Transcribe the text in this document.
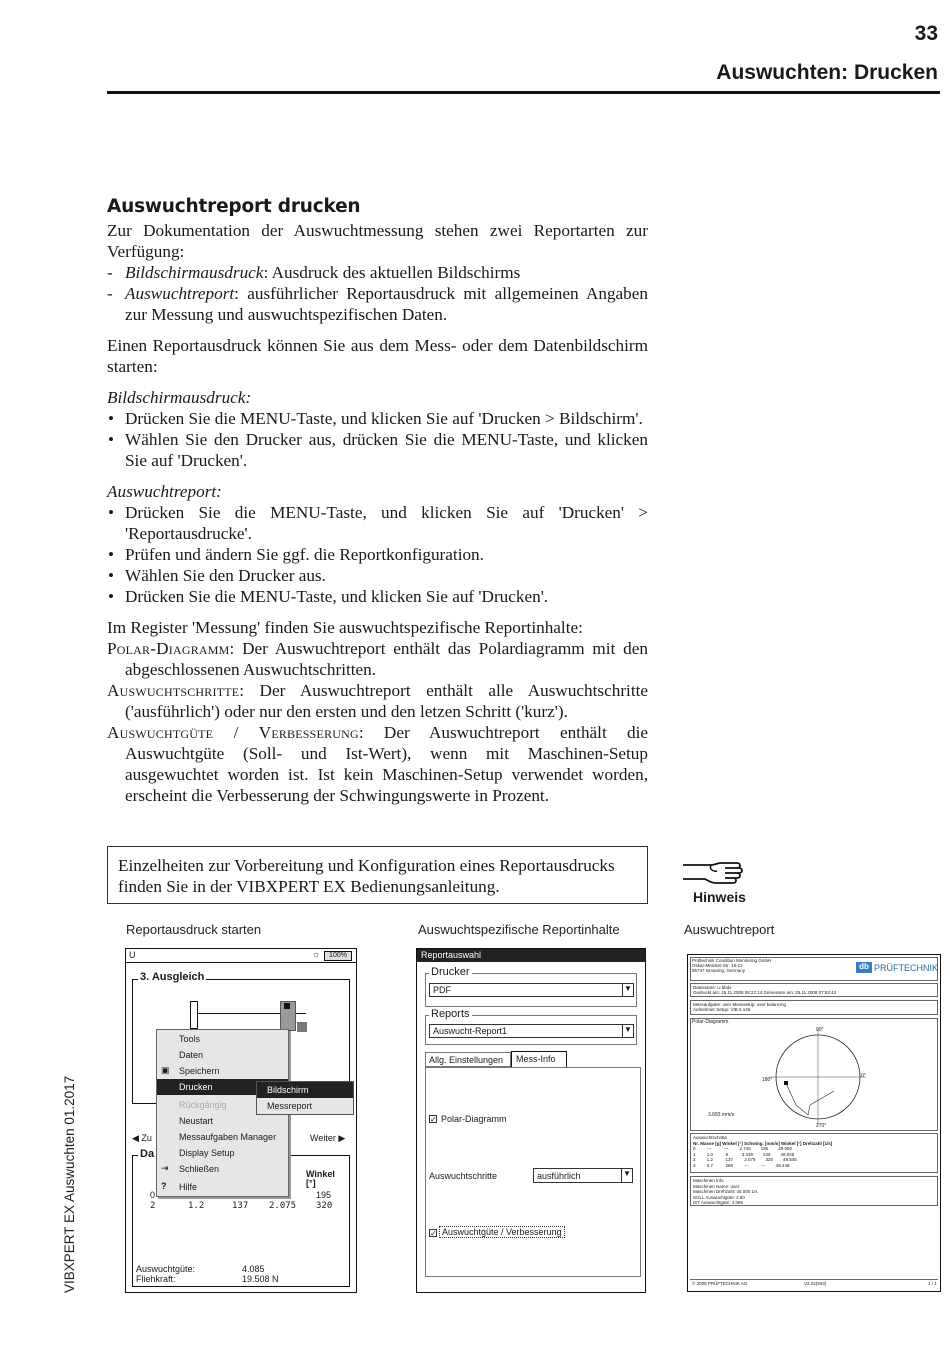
33
Auswuchten: Drucken
VIBXPERT EX Auswuchten 01.2017
Auswuchtreport drucken

Zur Dokumentation der Auswuchtmessung stehen zwei Reportarten zur Verfügung:

- Bildschirmausdruck: Ausdruck des aktuellen Bildschirms
- Auswuchtreport: ausführlicher Reportausdruck mit allgemeinen Angaben zur Messung und auswuchtspezifischen Daten.

Einen Reportausdruck können Sie aus dem Mess- oder dem Datenbildschirm starten:

Bildschirmausdruck:
• Drücken Sie die MENU-Taste, und klicken Sie auf 'Drucken > Bildschirm'.
• Wählen Sie den Drucker aus, drücken Sie die MENU-Taste, und klicken Sie auf 'Drucken'.
Auswuchtreport:
• Drücken Sie die MENU-Taste, und klicken Sie auf 'Drucken' > 'Reportausdrucke'.
• Prüfen und ändern Sie ggf. die Reportkonfiguration.
• Wählen Sie den Drucker aus.
• Drücken Sie die MENU-Taste, und klicken Sie auf 'Drucken'.

Im Register 'Messung' finden Sie auswuchtspezifische Reportinhalte:

Polar-Diagramm: Der Auswuchtreport enthält das Polardiagramm mit den abgeschlossenen Auswuchtschritten.
Auswuchtschritte: Der Auswuchtreport enthält alle Auswuchtschritte ('ausführlich') oder nur den ersten und den letzen Schritt ('kurz').
Auswuchtgüte / Verbesserung: Der Auswuchtreport enthält die Auswuchtgüte (Soll- und Ist-Wert), wenn mit Maschinen-Setup ausgewuchtet worden ist. Ist kein Maschinen-Setup verwendet worden, erscheint die Verbesserung der Schwingungswerte in Prozent.
Einzelheiten zur Vorbereitung und Konfiguration eines Reportausdrucks finden Sie in der VIBXPERT EX Bedienungsanleitung.
Hinweis
Reportausdruck starten	Auswuchtspezifische Reportinhalte	Auswuchtreport
U	☼	100%
3. Ausgleich
◀ Zu	Weiter ▶
Da
Winkel
[°]
0	195
2	1.2	137 2.075 320
Auswuchtgüte:	4.085
Fliehkraft:	19.508 N
Tools
Daten
▣ Speichern
Drucken
Rückgängig
Neustart
Messaufgaben Manager
Display Setup
⇥ Schließen
? Hilfe
Bildschirm
Messreport
Reportauswahl
Drucker
PDF	▼
Reports
Auswucht-Report1	▼
Allg. Einstellungen	Mess-Info
✓ Polar-Diagramm
Auswuchtschritte	ausführlich	▼
✓ Auswuchtgüte / Verbesserung
Prüftechnik Condition Monitoring GmbH
Oskar-Messter-Str. 19-21
85737 Ismaning, Germany	db PRÜFTECHNIK
Dateiname: U.bbdx
Gedruckt am: 25.11.2008 08:22:14 Gemessen am: 25.11.2008 07:53:43
Messaufgabe: user Messsetup: user balancing
Aufnehmer Setup: VIB 6.146
Polar-Diagramm
90°
0°
180°
270°
3.683 mm/s
Auswuchtschritte
Nr. Masse [g] Winkel [°] Schwing. [mm/s] Winkel [°] Drehzahl [1/s]
0         ---          ---         2.745        195        49.092
1         1.0          9           3.339        249        49.045
2         1.2          137         2.075        320        49.545
3         0.7          268         ---          ---        49.448
Maschinen Info
Maschinen Name: user
Maschinen Drehzahl: 45.000 1/s
SOLL Auswuchtgüte: 2.50
IST Auswuchtgüte: 4.085
© 2008 PRÜFTECHNIK AG	V2.22(503)	1 / 1
